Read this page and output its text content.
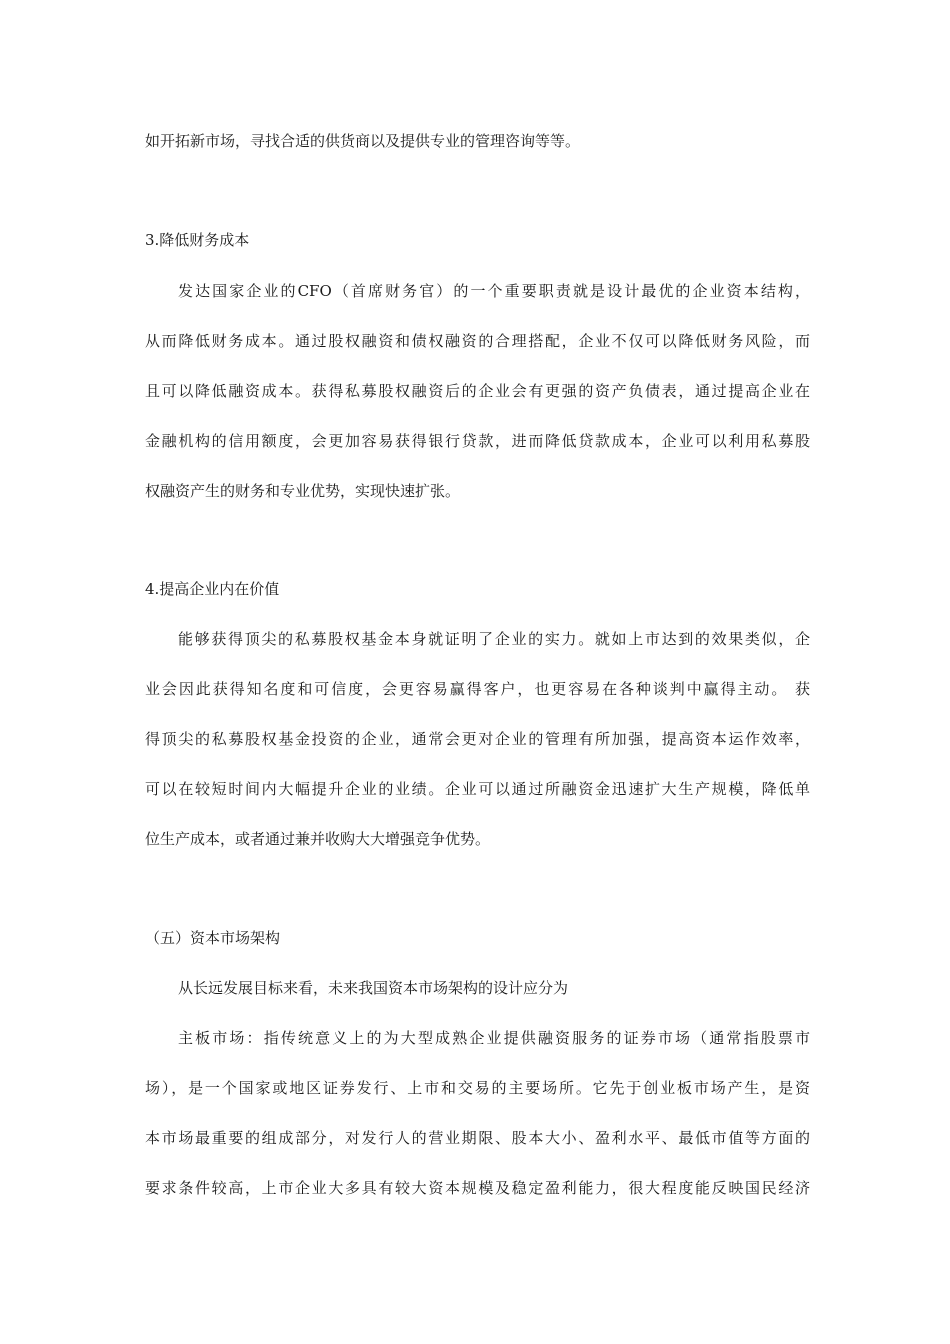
如开拓新市场，寻找合适的供货商以及提供专业的管理咨询等等。
3.降低财务成本
发达国家企业的CFO（首席财务官）的一个重要职责就是设计最优的企业资本结构，
从而降低财务成本。通过股权融资和债权融资的合理搭配，企业不仅可以降低财务风险，而
且可以降低融资成本。获得私募股权融资后的企业会有更强的资产负债表，通过提高企业在
金融机构的信用额度，会更加容易获得银行贷款，进而降低贷款成本，企业可以利用私募股
权融资产生的财务和专业优势，实现快速扩张。
4.提高企业内在价值
能够获得顶尖的私募股权基金本身就证明了企业的实力。就如上市达到的效果类似，企
业会因此获得知名度和可信度，会更容易赢得客户，也更容易在各种谈判中赢得主动。 获
得顶尖的私募股权基金投资的企业，通常会更对企业的管理有所加强，提高资本运作效率，
可以在较短时间内大幅提升企业的业绩。企业可以通过所融资金迅速扩大生产规模，降低单
位生产成本，或者通过兼并收购大大增强竞争优势。
（五）资本市场架构
从长远发展目标来看，未来我国资本市场架构的设计应分为
主板市场：指传统意义上的为大型成熟企业提供融资服务的证券市场（通常指股票市
场），是一个国家或地区证券发行、上市和交易的主要场所。它先于创业板市场产生，是资
本市场最重要的组成部分，对发行人的营业期限、股本大小、盈利水平、最低市值等方面的
要求条件较高，上市企业大多具有较大资本规模及稳定盈利能力，很大程度能反映国民经济
